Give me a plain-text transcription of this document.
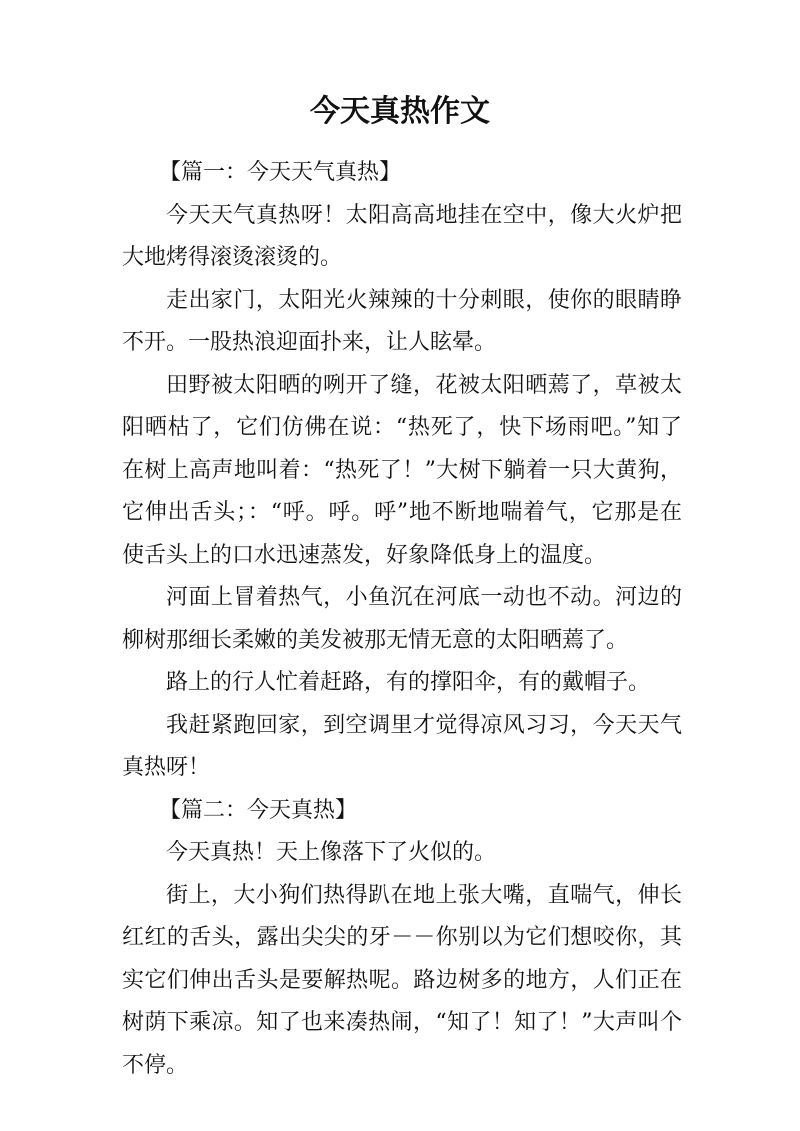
今天真热作文

【篇一：今天天气真热】

今天天气真热呀！太阳高高地挂在空中，像大火炉把大地烤得滚烫滚烫的。

走出家门，太阳光火辣辣的十分刺眼，使你的眼睛睁不开。一股热浪迎面扑来，让人眩晕。

田野被太阳晒的咧开了缝，花被太阳晒蔫了，草被太阳晒枯了，它们仿佛在说：“热死了，快下场雨吧。”知了在树上高声地叫着：“热死了！”大树下躺着一只大黄狗，它伸出舌头；：“呼。呼。呼”地不断地喘着气，它那是在使舌头上的口水迅速蒸发，好象降低身上的温度。

河面上冒着热气，小鱼沉在河底一动也不动。河边的柳树那细长柔嫩的美发被那无情无意的太阳晒蔫了。

路上的行人忙着赶路，有的撑阳伞，有的戴帽子。

我赶紧跑回家，到空调里才觉得凉风习习，今天天气真热呀！

【篇二：今天真热】

今天真热！天上像落下了火似的。

街上，大小狗们热得趴在地上张大嘴，直喘气，伸长红红的舌头，露出尖尖的牙－－你别以为它们想咬你，其实它们伸出舌头是要解热呢。路边树多的地方，人们正在树荫下乘凉。知了也来凑热闹，“知了！知了！”大声叫个不停。
